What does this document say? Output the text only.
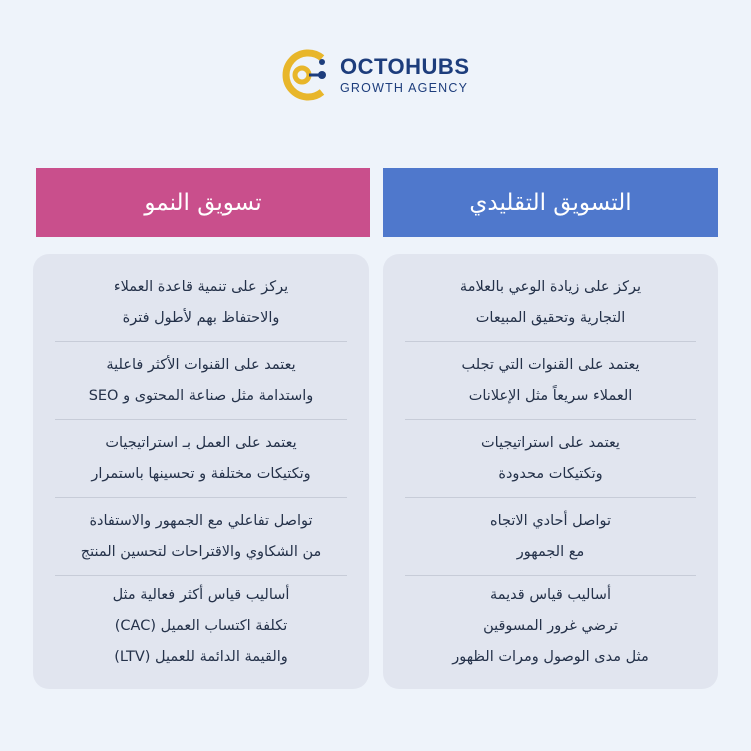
OCTOHUBS
GROWTH AGENCY
تسويق النمو	التسويق التقليدي
يركز على تنمية قاعدة العملاء
والاحتفاظ بهم لأطول فترة
يعتمد على القنوات الأكثر فاعلية
واستدامة مثل صناعة المحتوى و SEO
يعتمد على العمل بـ استراتيجيات
وتكتيكات مختلفة و تحسينها باستمرار
تواصل تفاعلي مع الجمهور والاستفادة
من الشكاوي والاقتراحات لتحسين المنتج
أساليب قياس أكثر فعالية مثل
تكلفة اكتساب العميل (CAC)
والقيمة الدائمة للعميل (LTV)
يركز على زيادة الوعي بالعلامة
التجارية وتحقيق المبيعات
يعتمد على القنوات التي تجلب
العملاء سريعاً مثل الإعلانات
يعتمد على استراتيجيات
وتكتيكات محدودة
تواصل أحادي الاتجاه
مع الجمهور
أساليب قياس قديمة
ترضي غرور المسوقين
مثل مدى الوصول ومرات الظهور
